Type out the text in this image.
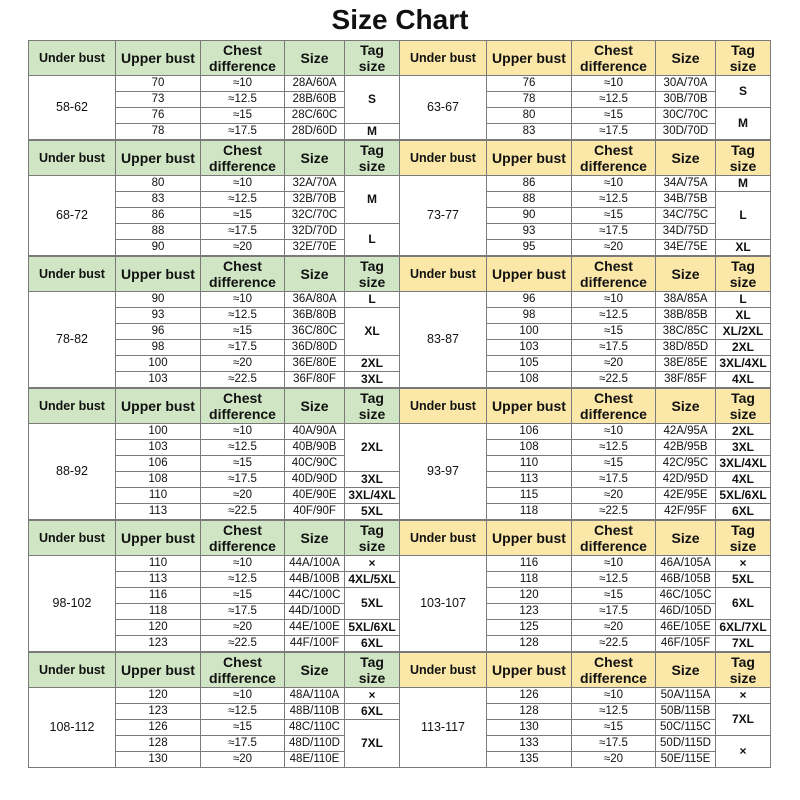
Size Chart
Under bust	Upper bust	Chest difference	Size	Tag size
58-62	70	≈10	28A/60A	S
	73	≈12.5	28B/60B	
	76	≈15	28C/60C	
	78	≈17.5	28D/60D	M
Under bust	Upper bust	Chest difference	Size	Tag size
63-67	76	≈10	30A/70A	S
	78	≈12.5	30B/70B	
	80	≈15	30C/70C	M
	83	≈17.5	30D/70D	
Under bust	Upper bust	Chest difference	Size	Tag size
68-72	80	≈10	32A/70A	M
	83	≈12.5	32B/70B	
	86	≈15	32C/70C	
	88	≈17.5	32D/70D	L
	90	≈20	32E/70E	
Under bust	Upper bust	Chest difference	Size	Tag size
73-77	86	≈10	34A/75A	M
	88	≈12.5	34B/75B	L
	90	≈15	34C/75C	
	93	≈17.5	34D/75D	
	95	≈20	34E/75E	XL
Under bust	Upper bust	Chest difference	Size	Tag size
78-82	90	≈10	36A/80A	L
	93	≈12.5	36B/80B	XL
	96	≈15	36C/80C	
	98	≈17.5	36D/80D	
	100	≈20	36E/80E	2XL
	103	≈22.5	36F/80F	3XL
Under bust	Upper bust	Chest difference	Size	Tag size
83-87	96	≈10	38A/85A	L
	98	≈12.5	38B/85B	XL
	100	≈15	38C/85C	XL/2XL
	103	≈17.5	38D/85D	2XL
	105	≈20	38E/85E	3XL/4XL
	108	≈22.5	38F/85F	4XL
Under bust	Upper bust	Chest difference	Size	Tag size
88-92	100	≈10	40A/90A	2XL
	103	≈12.5	40B/90B	
	106	≈15	40C/90C	
	108	≈17.5	40D/90D	3XL
	110	≈20	40E/90E	3XL/4XL
	113	≈22.5	40F/90F	5XL
Under bust	Upper bust	Chest difference	Size	Tag size
93-97	106	≈10	42A/95A	2XL
	108	≈12.5	42B/95B	3XL
	110	≈15	42C/95C	3XL/4XL
	113	≈17.5	42D/95D	4XL
	115	≈20	42E/95E	5XL/6XL
	118	≈22.5	42F/95F	6XL
Under bust	Upper bust	Chest difference	Size	Tag size
98-102	110	≈10	44A/100A	×
	113	≈12.5	44B/100B	4XL/5XL
	116	≈15	44C/100C	5XL
	118	≈17.5	44D/100D	
	120	≈20	44E/100E	5XL/6XL
	123	≈22.5	44F/100F	6XL
Under bust	Upper bust	Chest difference	Size	Tag size
103-107	116	≈10	46A/105A	×
	118	≈12.5	46B/105B	5XL
	120	≈15	46C/105C	6XL
	123	≈17.5	46D/105D	
	125	≈20	46E/105E	6XL/7XL
	128	≈22.5	46F/105F	7XL
Under bust	Upper bust	Chest difference	Size	Tag size
108-112	120	≈10	48A/110A	×
	123	≈12.5	48B/110B	6XL
	126	≈15	48C/110C	7XL
	128	≈17.5	48D/110D	
	130	≈20	48E/110E	
Under bust	Upper bust	Chest difference	Size	Tag size
113-117	126	≈10	50A/115A	×
	128	≈12.5	50B/115B	7XL
	130	≈15	50C/115C	
	133	≈17.5	50D/115D	×
	135	≈20	50E/115E	
